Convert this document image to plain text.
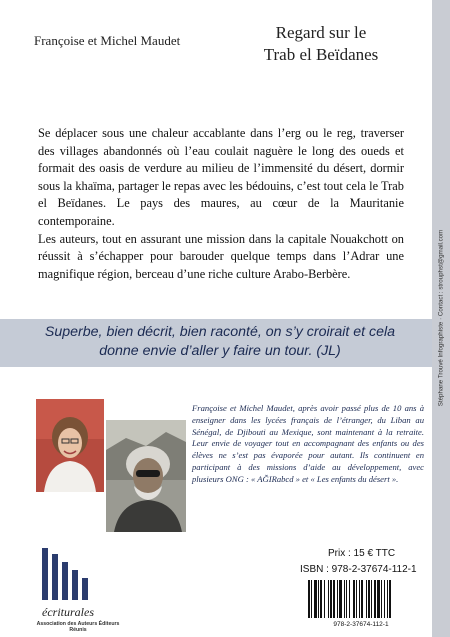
Stéphane Trouvé Infographiste · Contact : strouphst@gmail.com
Françoise et Michel Maudet	Regard sur le
Trab el Beïdanes

Se déplacer sous une chaleur accablante dans l’erg ou le reg, traverser des villages abandonnés où l’eau coulait naguère le long des oueds et formait des oasis de verdure au milieu de l’immensité du désert, dormir sous la khaïma, partager le repas avec les bédouins, c’est tout cela le Trab el Beïdanes. Le pays des maures, au cœur de la Mauritanie contemporaine.

Les auteurs, tout en assurant une mission dans la capitale Nouakchott on réussit à s’échapper pour barouder quelque temps dans l’Adrar une magnifique région, berceau d’une riche culture Arabo-Berbère.

Superbe, bien décrit, bien raconté, on s’y croirait et cela donne envie d’aller y faire un tour. (JL)
Françoise et Michel Maudet, après avoir passé plus de 10 ans à enseigner dans les lycées français de l’étranger, du Liban au Sénégal, de Djibouti au Mexique, sont maintenant à la retraite. Leur envie de voyager tout en accompagnant des enfants ou des élèves ne s’est pas évaporée pour autant. Ils continuent en participant à des missions d’aide au développement, avec plusieurs ONG : « AĞIRabcd » et « Les enfants du désert ».
écriturales
Association des Auteurs Éditeurs Réunis
Prix : 15 € TTC
ISBN : 978-2-37674-112-1
978-2-37674-112-1
